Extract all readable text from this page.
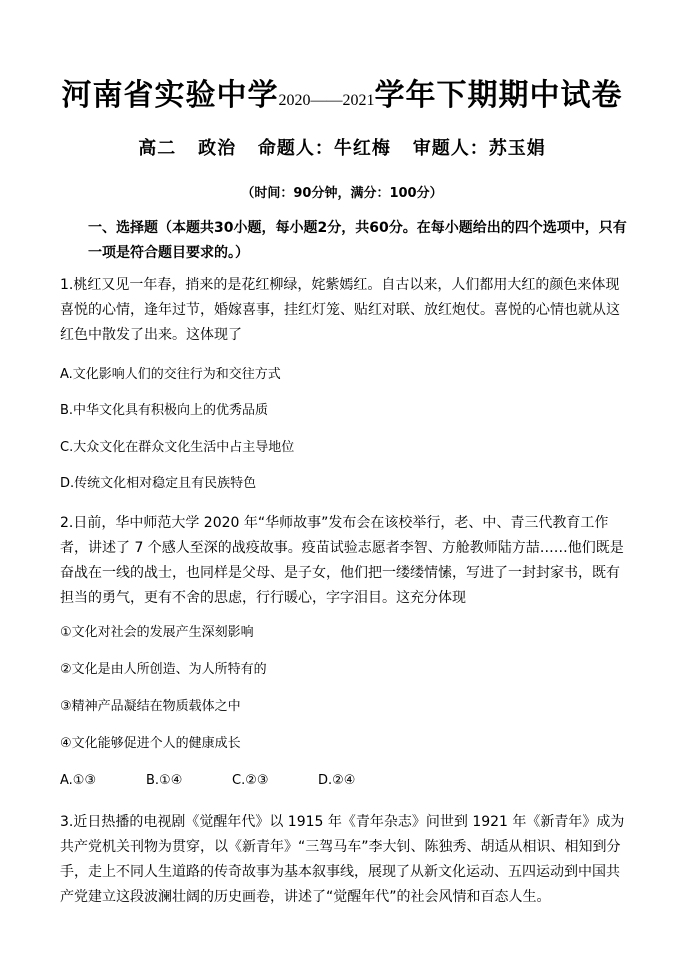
河南省实验中学2020——2021学年下期期中试卷
高二   政治   命题人：牛红梅   审题人：苏玉娟
（时间：90分钟，满分：100分）
一、选择题（本题共30小题，每小题2分，共60分。在每小题给出的四个选项中，只有一项是符合题目要求的。）
1.桃红又见一年春，捎来的是花红柳绿，姹紫嫣红。自古以来，人们都用大红的颜色来体现喜悦的心情，逢年过节，婚嫁喜事，挂红灯笼、贴红对联、放红炮仗。喜悦的心情也就从这红色中散发了出来。这体现了
A.文化影响人们的交往行为和交往方式
B.中华文化具有积极向上的优秀品质
C.大众文化在群众文化生活中占主导地位
D.传统文化相对稳定且有民族特色
2.日前，华中师范大学 2020 年“华师故事”发布会在该校举行，老、中、青三代教育工作者，讲述了 7 个感人至深的战疫故事。疫苗试验志愿者李智、方舱教师陆方喆……他们既是奋战在一线的战士，也同样是父母、是子女，他们把一缕缕情愫，写进了一封封家书，既有担当的勇气，更有不舍的思虑，行行暖心，字字泪目。这充分体现
①文化对社会的发展产生深刻影响
②文化是由人所创造、为人所特有的
③精神产品凝结在物质载体之中
④文化能够促进个人的健康成长
A.①③	B.①④	C.②③	D.②④
3.近日热播的电视剧《觉醒年代》以 1915 年《青年杂志》问世到 1921 年《新青年》成为共产党机关刊物为贯穿，以《新青年》“三驾马车”李大钊、陈独秀、胡适从相识、相知到分手，走上不同人生道路的传奇故事为基本叙事线，展现了从新文化运动、五四运动到中国共产党建立这段波澜壮阔的历史画卷，讲述了“觉醒年代”的社会风情和百态人生。
